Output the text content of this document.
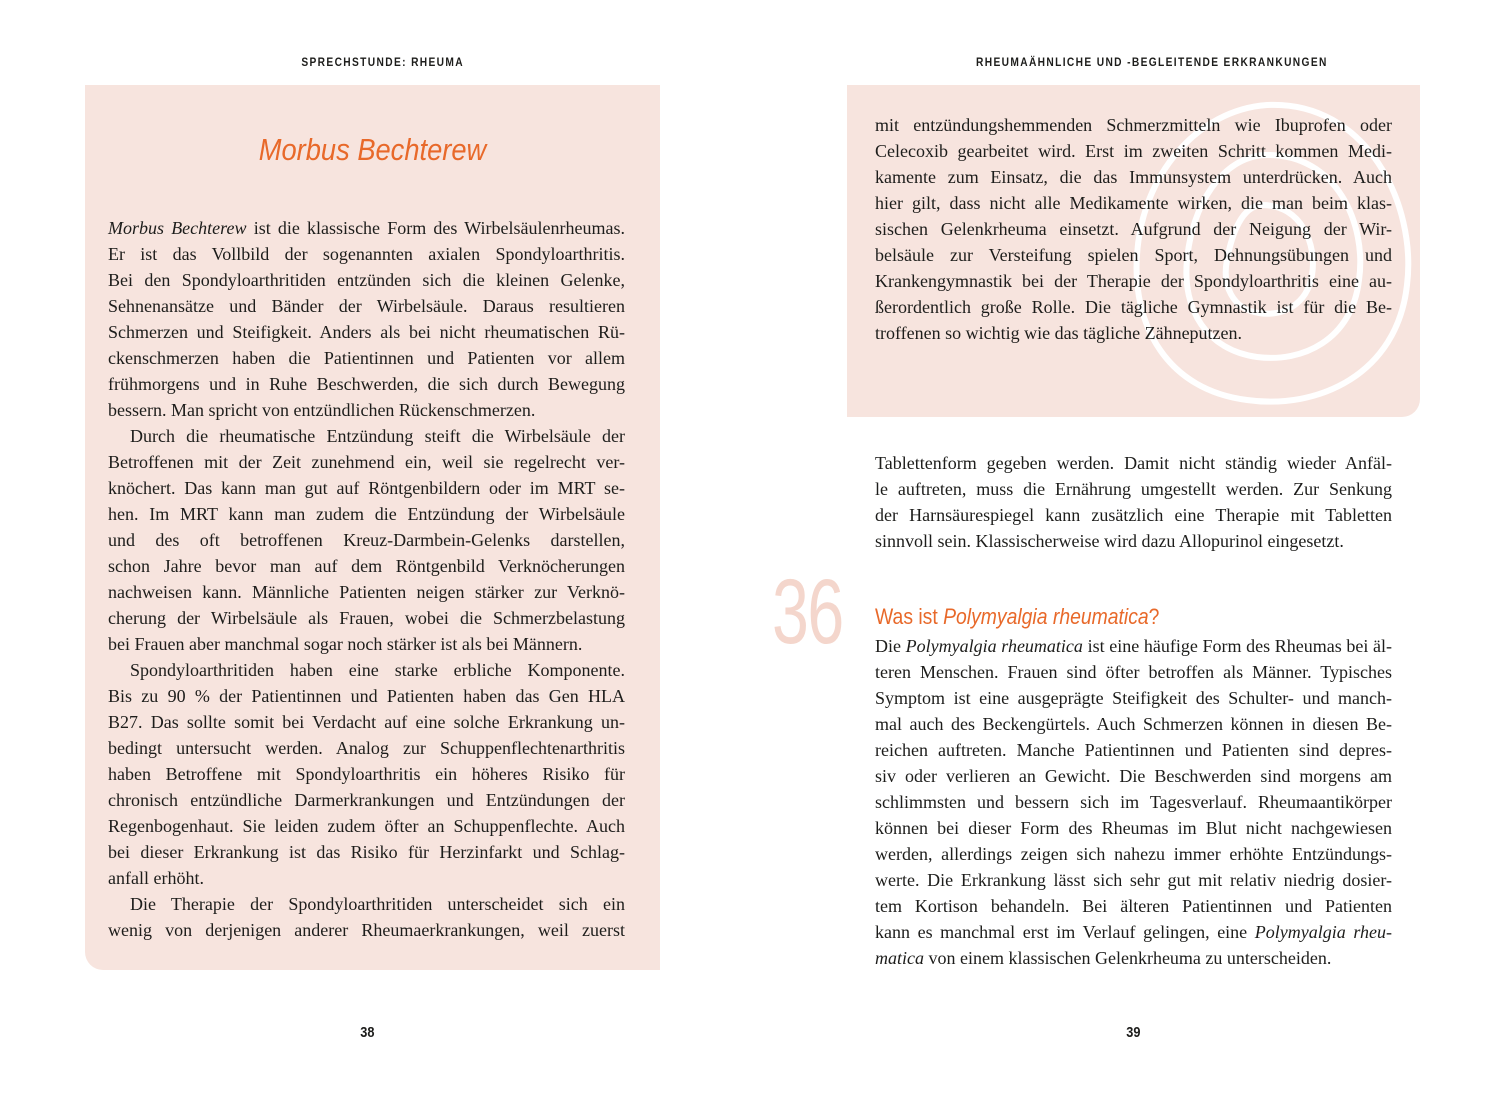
SPRECHSTUNDE: RHEUMA	RHEUMAÄHNLICHE UND -BEGLEITENDE ERKRANKUNGEN
Morbus Bechterew
Morbus Bechterew ist die klassische Form des Wirbelsäulenrheumas.
Er ist das Vollbild der sogenannten axialen Spondyloarthritis.
Bei den Spondyloarthritiden entzünden sich die kleinen Gelenke,
Sehnenansätze und Bänder der Wirbelsäule. Daraus resultieren
Schmerzen und Steifigkeit. Anders als bei nicht rheumatischen Rü-
ckenschmerzen haben die Patientinnen und Patienten vor allem
frühmorgens und in Ruhe Beschwerden, die sich durch Bewegung
bessern. Man spricht von entzündlichen Rückenschmerzen.
Durch die rheumatische Entzündung steift die Wirbelsäule der
Betroffenen mit der Zeit zunehmend ein, weil sie regelrecht ver-
knöchert. Das kann man gut auf Röntgenbildern oder im MRT se-
hen. Im MRT kann man zudem die Entzündung der Wirbelsäule
und des oft betroffenen Kreuz-Darmbein-Gelenks darstellen,
schon Jahre bevor man auf dem Röntgenbild Verknöcherungen
nachweisen kann. Männliche Patienten neigen stärker zur Verknö-
cherung der Wirbelsäule als Frauen, wobei die Schmerzbelastung
bei Frauen aber manchmal sogar noch stärker ist als bei Männern.
Spondyloarthritiden haben eine starke erbliche Komponente.
Bis zu 90 % der Patientinnen und Patienten haben das Gen HLA
B27. Das sollte somit bei Verdacht auf eine solche Erkrankung un-
bedingt untersucht werden. Analog zur Schuppenflechtenarthritis
haben Betroffene mit Spondyloarthritis ein höheres Risiko für
chronisch entzündliche Darmerkrankungen und Entzündungen der
Regenbogenhaut. Sie leiden zudem öfter an Schuppenflechte. Auch
bei dieser Erkrankung ist das Risiko für Herzinfarkt und Schlag-
anfall erhöht.
Die Therapie der Spondyloarthritiden unterscheidet sich ein
wenig von derjenigen anderer Rheumaerkrankungen, weil zuerst
mit entzündungshemmenden Schmerzmitteln wie Ibuprofen oder
Celecoxib gearbeitet wird. Erst im zweiten Schritt kommen Medi-
kamente zum Einsatz, die das Immunsystem unterdrücken. Auch
hier gilt, dass nicht alle Medikamente wirken, die man beim klas-
sischen Gelenkrheuma einsetzt. Aufgrund der Neigung der Wir-
belsäule zur Versteifung spielen Sport, Dehnungsübungen und
Krankengymnastik bei der Therapie der Spondyloarthritis eine au-
ßerordentlich große Rolle. Die tägliche Gymnastik ist für die Be-
troffenen so wichtig wie das tägliche Zähneputzen.
Tablettenform gegeben werden. Damit nicht ständig wieder Anfäl-
le auftreten, muss die Ernährung umgestellt werden. Zur Senkung
der Harnsäurespiegel kann zusätzlich eine Therapie mit Tabletten
sinnvoll sein. Klassischerweise wird dazu Allopurinol eingesetzt.
36 Was ist Polymyalgia rheumatica?
Die Polymyalgia rheumatica ist eine häufige Form des Rheumas bei äl-
teren Menschen. Frauen sind öfter betroffen als Männer. Typisches
Symptom ist eine ausgeprägte Steifigkeit des Schulter- und manch-
mal auch des Beckengürtels. Auch Schmerzen können in diesen Be-
reichen auftreten. Manche Patientinnen und Patienten sind depres-
siv oder verlieren an Gewicht. Die Beschwerden sind morgens am
schlimmsten und bessern sich im Tagesverlauf. Rheumaantikörper
können bei dieser Form des Rheumas im Blut nicht nachgewiesen
werden, allerdings zeigen sich nahezu immer erhöhte Entzündungs-
werte. Die Erkrankung lässt sich sehr gut mit relativ niedrig dosier-
tem Kortison behandeln. Bei älteren Patientinnen und Patienten
kann es manchmal erst im Verlauf gelingen, eine Polymyalgia rheu-
matica von einem klassischen Gelenkrheuma zu unterscheiden.
38	39
